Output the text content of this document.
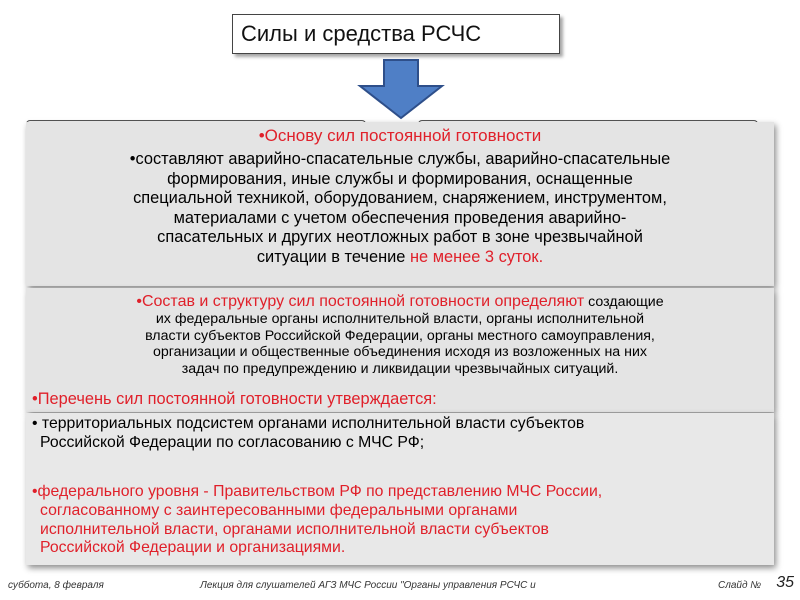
Силы и средства РСЧС
•Основу сил постоянной готовности
•составляют аварийно-спасательные службы, аварийно-спасательные
формирования, иные службы и формирования, оснащенные
специальной техникой, оборудованием, снаряжением, инструментом,
материалами с учетом обеспечения проведения аварийно-
спасательных и других неотложных работ в зоне чрезвычайной
ситуации в течение не менее 3 суток.
•Состав и структуру сил постоянной готовности определяют создающие
их федеральные органы исполнительной власти, органы исполнительной
власти субъектов Российской Федерации, органы местного самоуправления,
организации и общественные объединения исходя из возложенных на них
задач по предупреждению и ликвидации чрезвычайных ситуаций.
•Перечень сил постоянной готовности утверждается:
• территориальных подсистем органами исполнительной власти субъектов
Российской Федерации по согласованию с МЧС РФ;
•федерального уровня - Правительством РФ по представлению МЧС России,
согласованному с заинтересованными федеральными органами
исполнительной власти, органами исполнительной власти субъектов
Российской Федерации и организациями.
суббота, 8 февраля	Лекция для слушателей АГЗ МЧС России "Органы управления РСЧС и	Слайд № 35
